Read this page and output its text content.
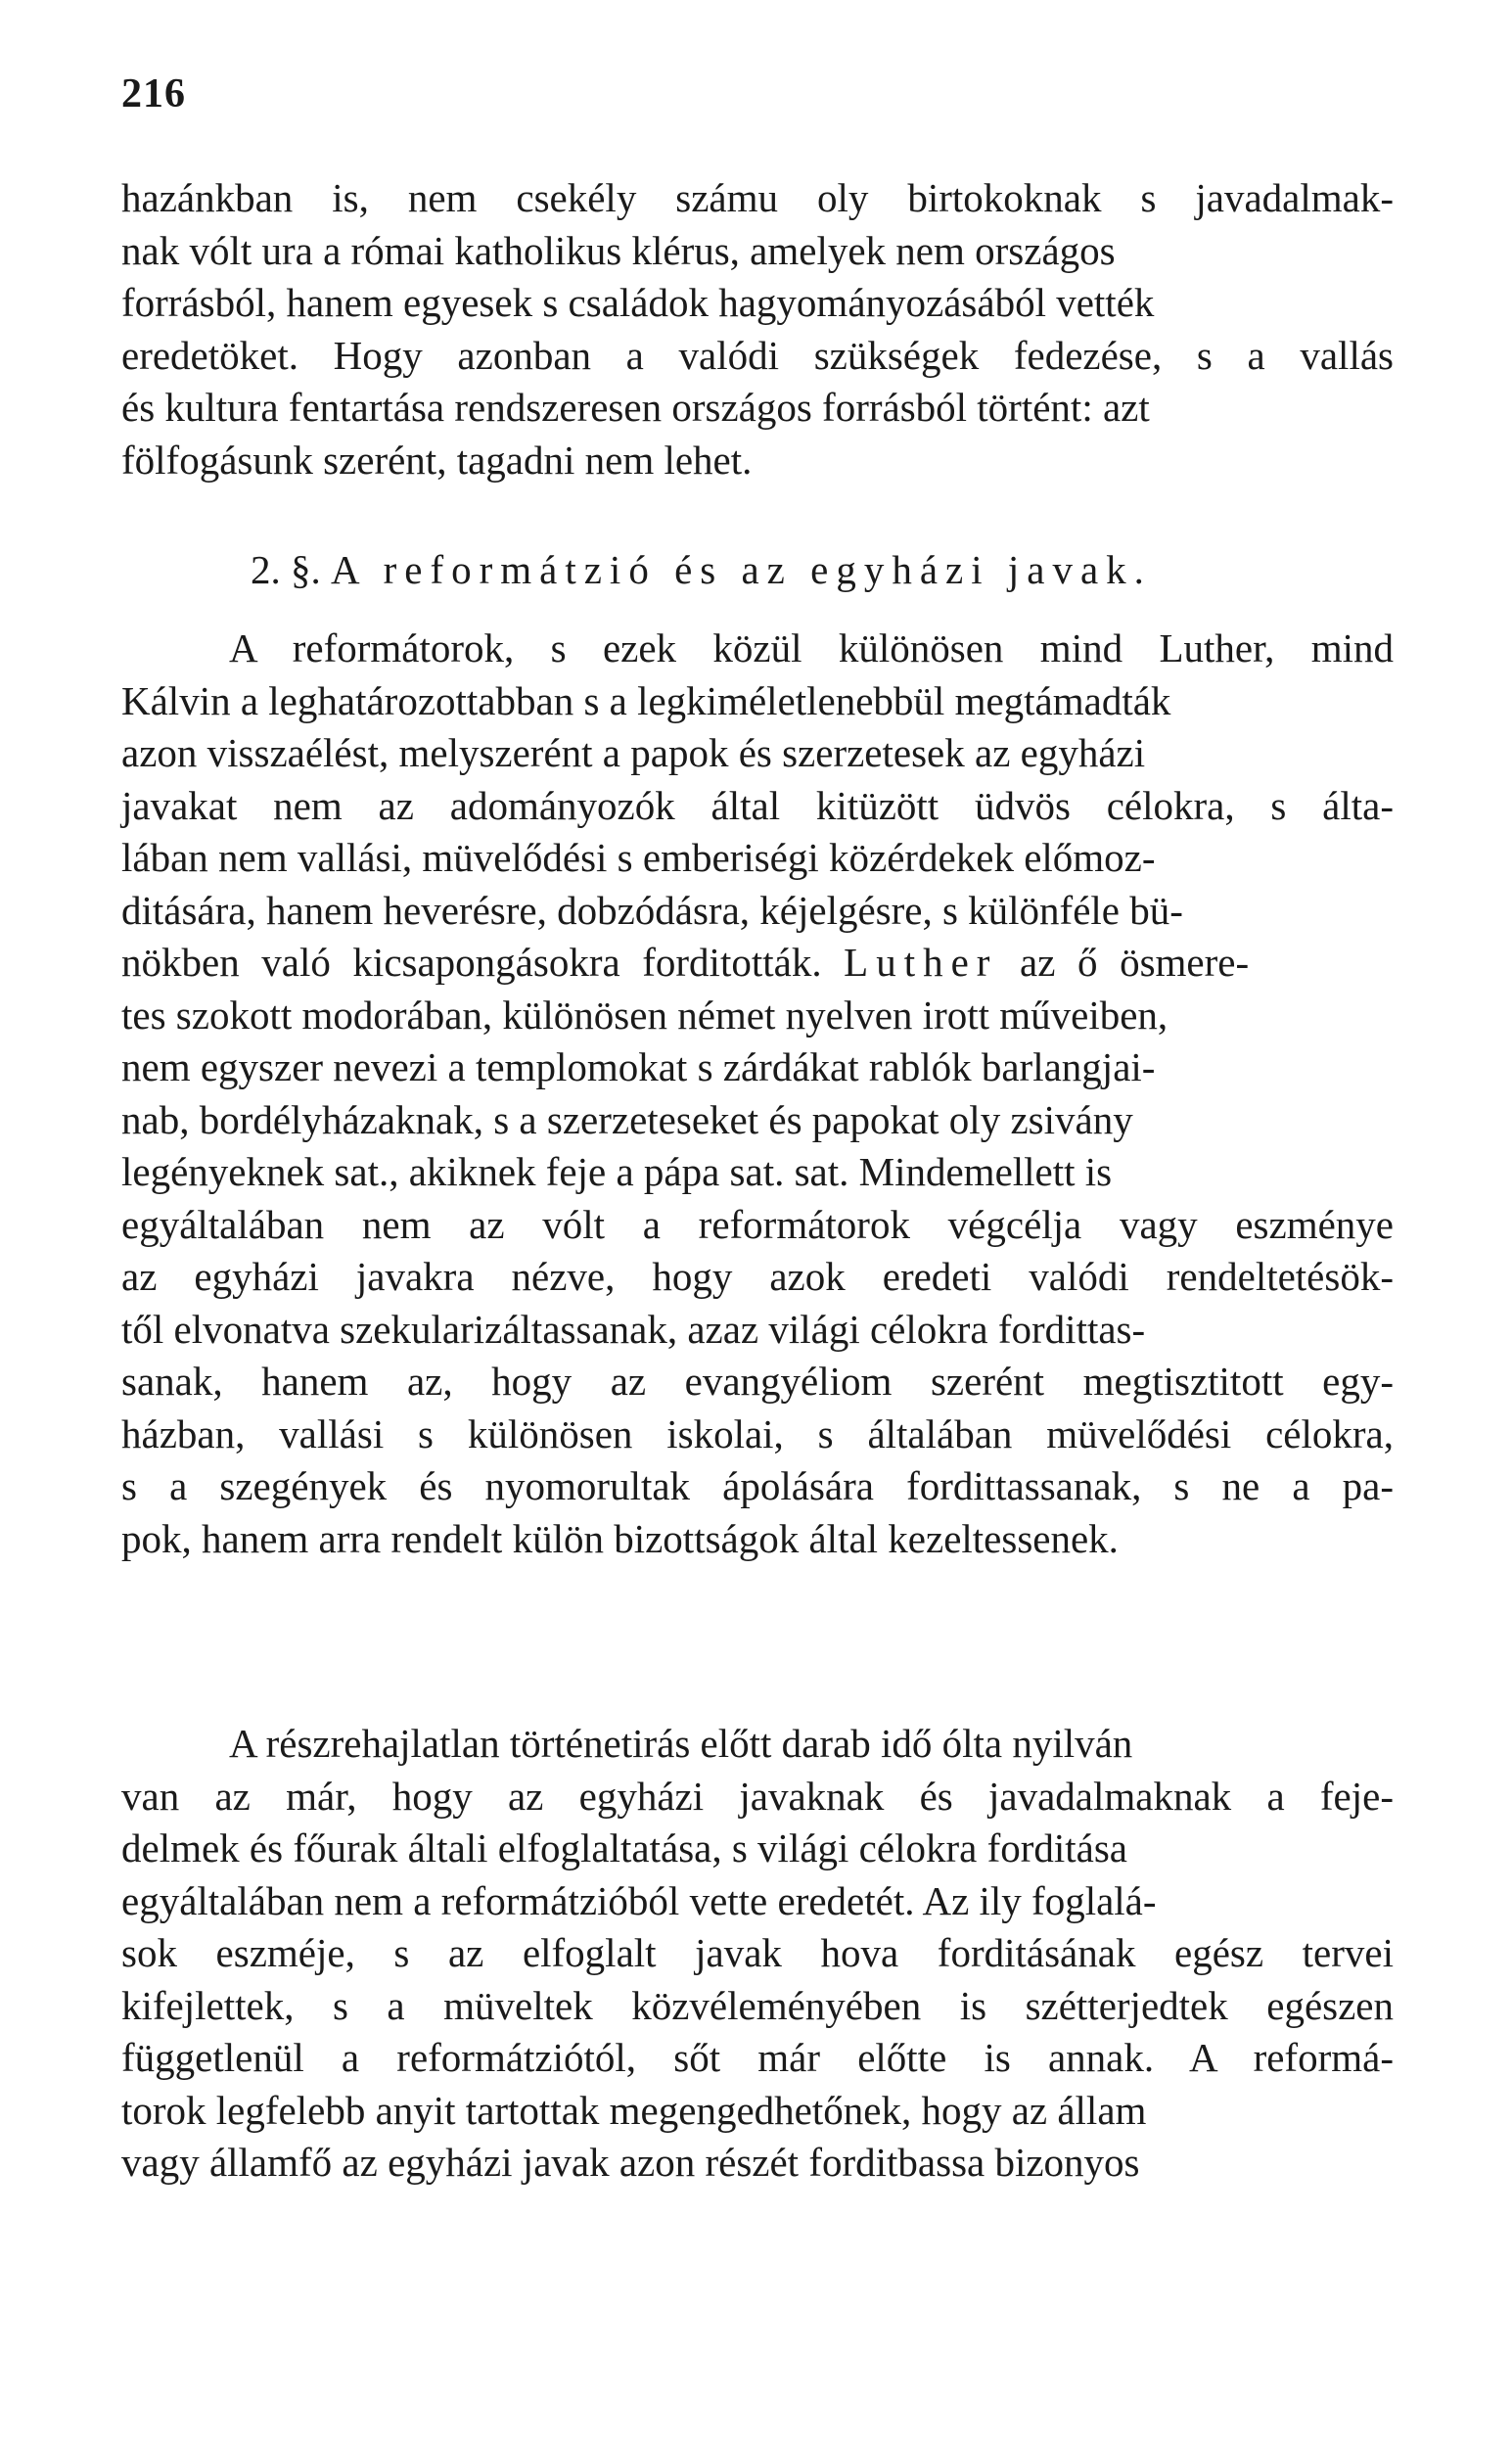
216
hazánkban is, nem csekély számu oly birtokoknak s javadalmak-
nak vólt ura a római katholikus klérus, amelyek nem országos
forrásból, hanem egyesek s családok hagyományozásából vették
eredetöket. Hogy azonban a valódi szükségek fedezése, s a vallás
és kultura fentartása rendszeresen országos forrásból történt: azt
fölfogásunk szerént, tagadni nem lehet.
2. §. A reformátzió és az egyházi javak.
A reformátorok, s ezek közül különösen mind Luther, mind
Kálvin a leghatározottabban s a legkiméletlenebbül megtámadták
azon visszaélést, melyszerént a papok és szerzetesek az egyházi
javakat nem az adományozók által kitüzött üdvös célokra, s álta-
lában nem vallási, müvelődési s emberiségi közérdekek előmoz-
ditására, hanem heverésre, dobzódásra, kéjelgésre, s különféle bü-
nökben való kicsapongásokra forditották. Luther az ő ösmere-
tes szokott modorában, különösen német nyelven irott műveiben,
nem egyszer nevezi a templomokat s zárdákat rablók barlangjai-
nab, bordélyházaknak, s a szerzeteseket és papokat oly zsivány
legényeknek sat., akiknek feje a pápa sat. sat. Mindemellett is
egyáltalában nem az vólt a reformátorok végcélja vagy eszménye
az egyházi javakra nézve, hogy azok eredeti valódi rendeltetésök-
től elvonatva szekularizáltassanak, azaz világi célokra fordittas-
sanak, hanem az, hogy az evangyéliom szerént megtisztitott egy-
házban, vallási s különösen iskolai, s általában müvelődési célokra,
s a szegények és nyomorultak ápolására fordittassanak, s ne a pa-
pok, hanem arra rendelt külön bizottságok által kezeltessenek.
A részrehajlatlan történetirás előtt darab idő ólta nyilván
van az már, hogy az egyházi javaknak és javadalmaknak a feje-
delmek és főurak általi elfoglaltatása, s világi célokra forditása
egyáltalában nem a reformátzióból vette eredetét. Az ily foglalá-
sok eszméje, s az elfoglalt javak hova forditásának egész tervei
kifejlettek, s a müveltek közvéleményében is szétterjedtek egészen
függetlenül a reformátziótól, sőt már előtte is annak. A reformá-
torok legfelebb anyit tartottak megengedhetőnek, hogy az állam
vagy államfő az egyházi javak azon részét forditbassa bizonyos
